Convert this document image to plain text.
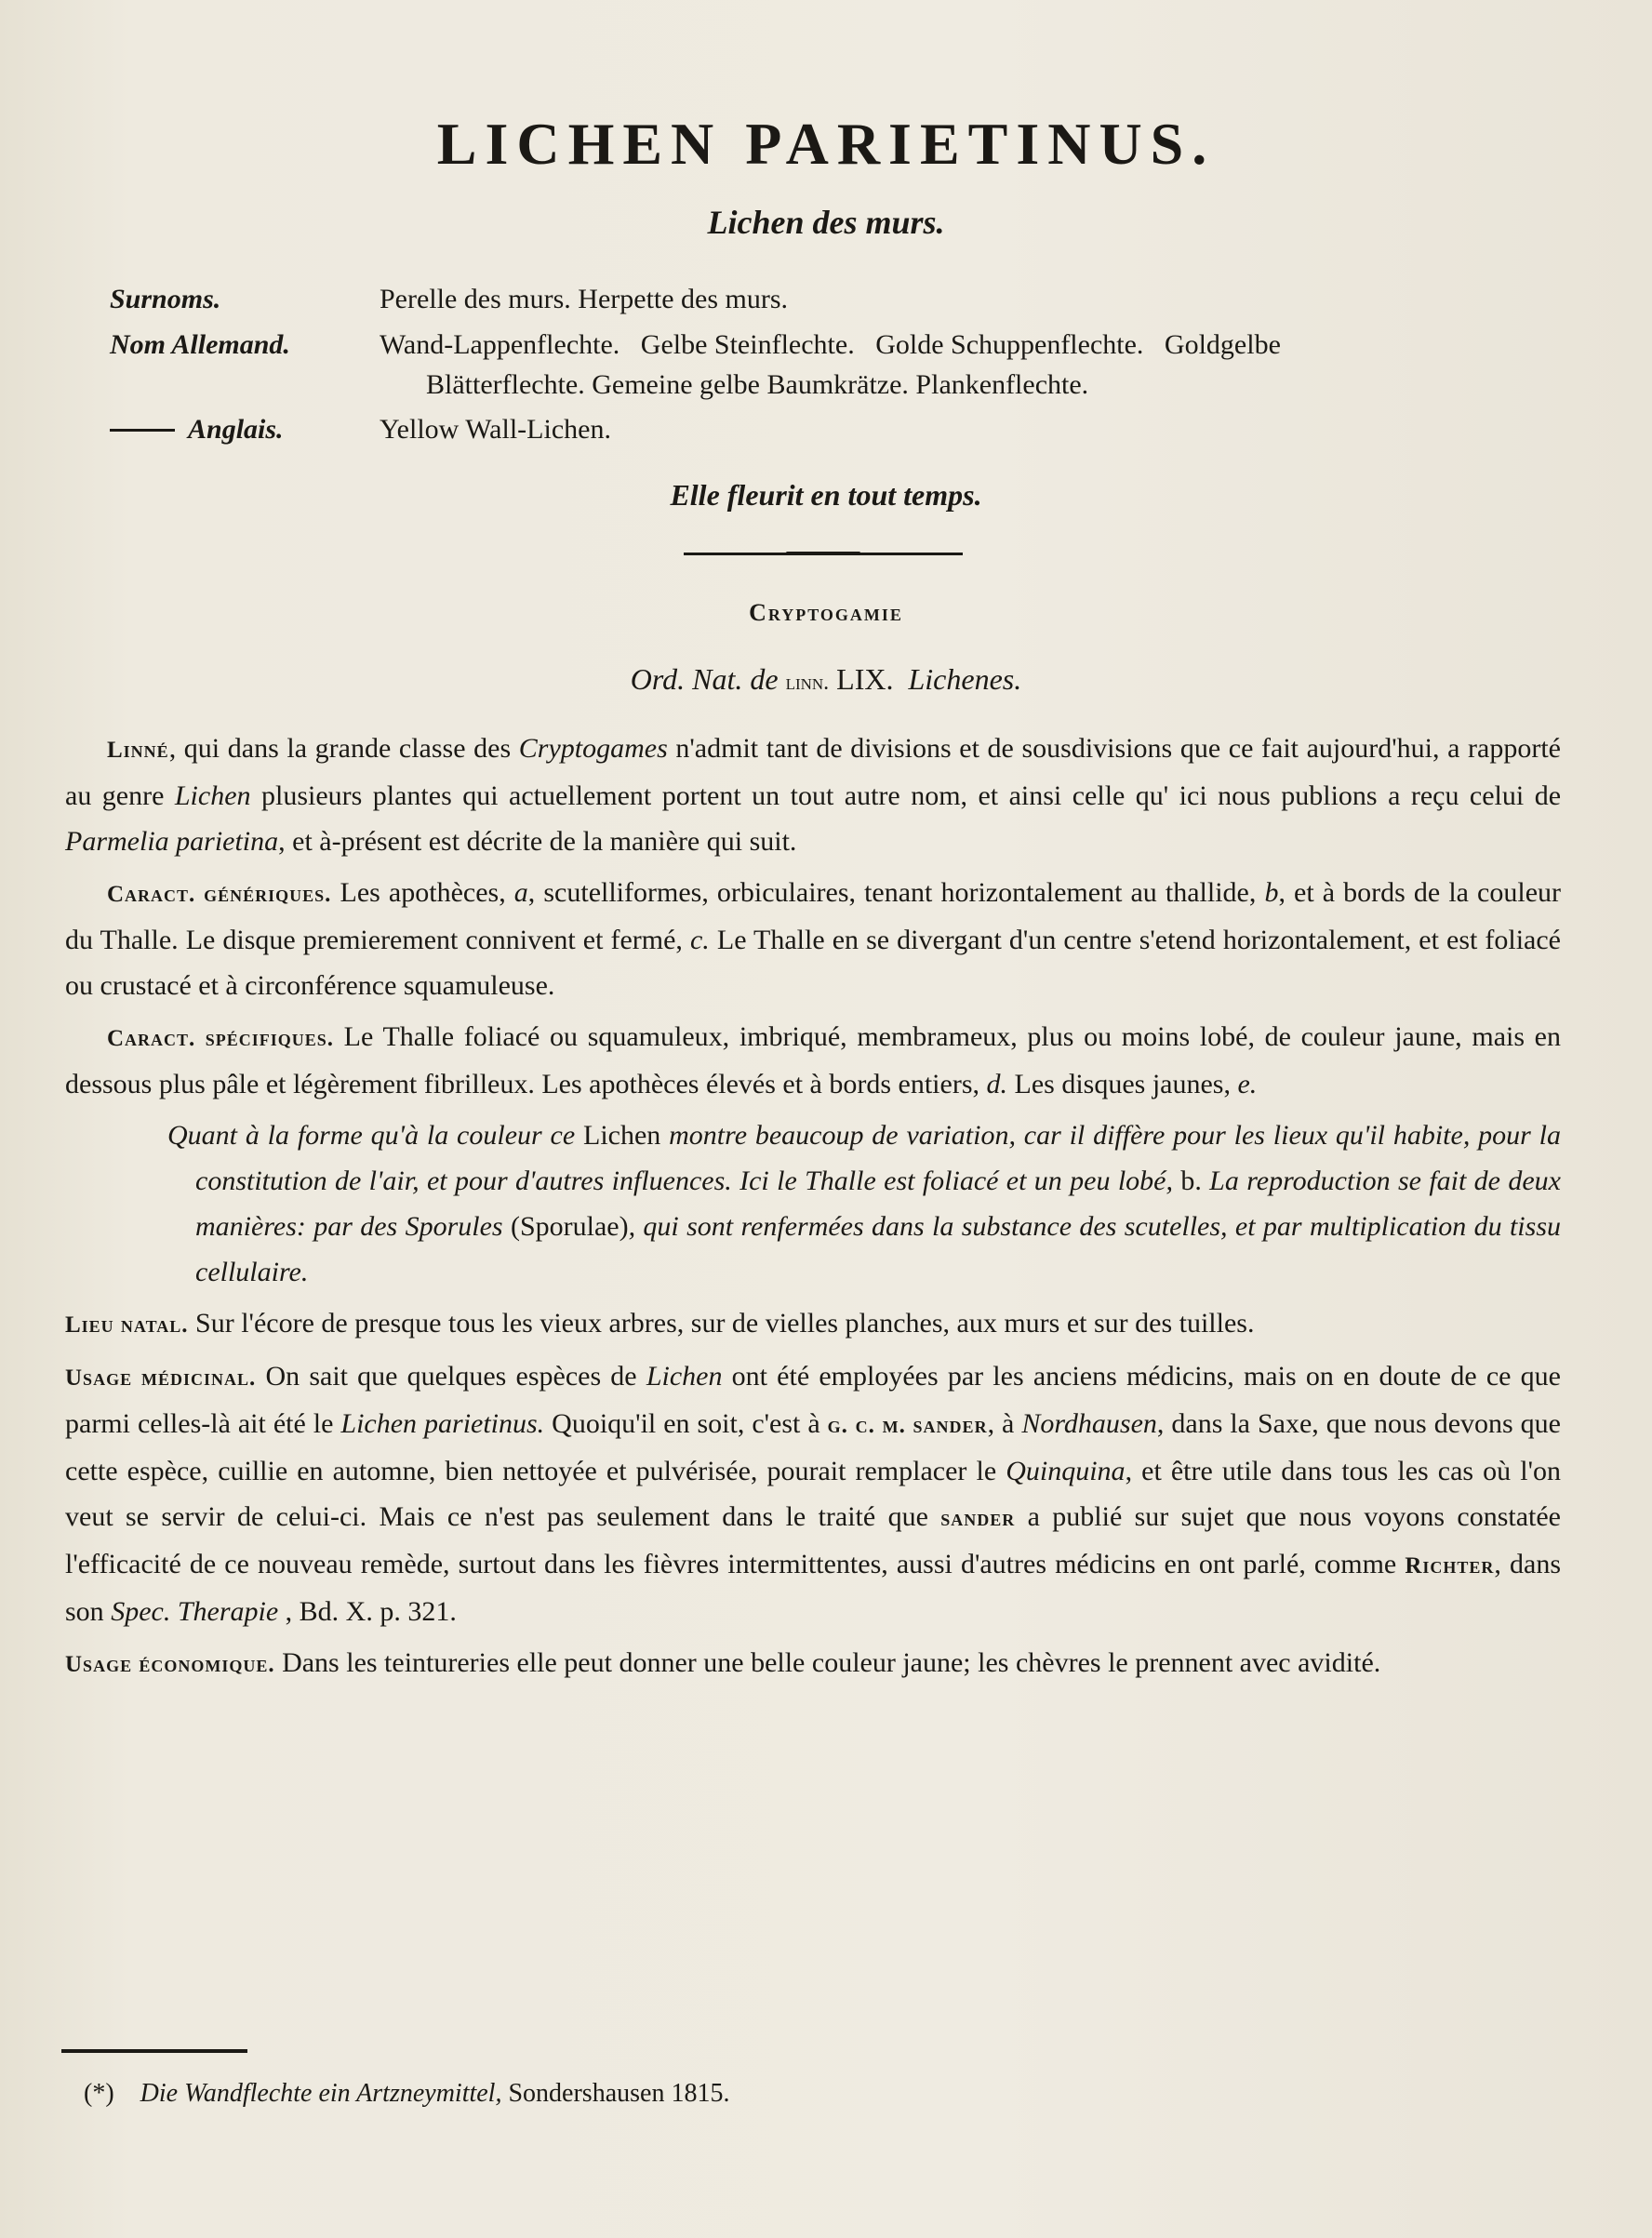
LICHEN PARIETINUS.
Lichen des murs.
Surnoms.	Perelle des murs. Herpette des murs.
Nom Allemand.	Wand-Lappenflechte.   Gelbe Steinflechte.   Golde Schuppenflechte.   Goldgelbe
Blätterflechte. Gemeine gelbe Baumkrätze. Plankenflechte.
Anglais.	Yellow Wall-Lichen.
Elle fleurit en tout temps.
Cryptogamie
Ord. Nat. de linn. LIX. Lichenes.

Linné, qui dans la grande classe des Cryptogames n'admit tant de divisions et de sousdivisions que ce fait aujourd'hui, a rapporté au genre Lichen plusieurs plantes qui actuellement portent un tout autre nom, et ainsi celle qu' ici nous publions a reçu celui de Parmelia parietina, et à-présent est décrite de la manière qui suit.

Caract. génériques. Les apothèces, a, scutelliformes, orbiculaires, tenant horizontalement au thallide, b, et à bords de la couleur du Thalle. Le disque premierement connivent et fermé, c. Le Thalle en se divergant d'un centre s'etend horizontalement, et est foliacé ou crustacé et à circonférence squamuleuse.

Caract. spécifiques. Le Thalle foliacé ou squamuleux, imbriqué, membrameux, plus ou moins lobé, de couleur jaune, mais en dessous plus pâle et légèrement fibrilleux. Les apothèces élevés et à bords entiers, d. Les disques jaunes, e.

Quant à la forme qu'à la couleur ce Lichen montre beaucoup de variation, car il diffère pour les lieux qu'il habite, pour la constitution de l'air, et pour d'autres influences. Ici le Thalle est foliacé et un peu lobé, b. La reproduction se fait de deux manières: par des Sporules (Sporulae), qui sont renfermées dans la substance des scutelles, et par multiplication du tissu cellulaire.

Lieu natal. Sur l'écore de presque tous les vieux arbres, sur de vielles planches, aux murs et sur des tuilles.

Usage médicinal. On sait que quelques espèces de Lichen ont été employées par les anciens médicins, mais on en doute de ce que parmi celles-là ait été le Lichen parietinus. Quoiqu'il en soit, c'est à g. c. m. sander, à Nordhausen, dans la Saxe, que nous devons que cette espèce, cuillie en automne, bien nettoyée et pulvérisée, pourait remplacer le Quinquina, et être utile dans tous les cas où l'on veut se servir de celui-ci. Mais ce n'est pas seulement dans le traité que sander a publié sur sujet que nous voyons constatée l'efficacité de ce nouveau remède, surtout dans les fièvres intermittentes, aussi d'autres médicins en ont parlé, comme Richter, dans son Spec. Therapie , Bd. X. p. 321.

Usage économique. Dans les teintureries elle peut donner une belle couleur jaune; les chèvres le prennent avec avidité.

(*) Die Wandflechte ein Artzneymittel, Sondershausen 1815.
